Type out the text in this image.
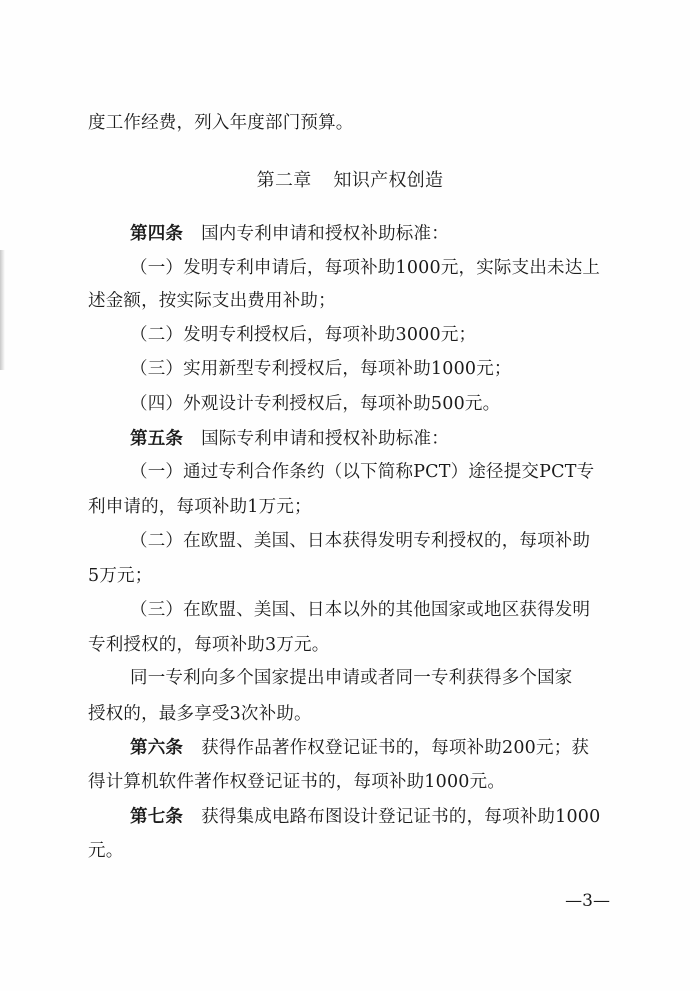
度工作经费，列入年度部门预算。
第二章 知识产权创造
第四条 国内专利申请和授权补助标准：
（一）发明专利申请后，每项补助1000元，实际支出未达上
述金额，按实际支出费用补助；
（二）发明专利授权后，每项补助3000元；
（三）实用新型专利授权后，每项补助1000元；
（四）外观设计专利授权后，每项补助500元。
第五条 国际专利申请和授权补助标准：
（一）通过专利合作条约（以下简称PCT）途径提交PCT专
利申请的，每项补助1万元；
（二）在欧盟、美国、日本获得发明专利授权的，每项补助
5万元；
（三）在欧盟、美国、日本以外的其他国家或地区获得发明
专利授权的，每项补助3万元。
同一专利向多个国家提出申请或者同一专利获得多个国家
授权的，最多享受3次补助。
第六条 获得作品著作权登记证书的，每项补助200元；获
得计算机软件著作权登记证书的，每项补助1000元。
第七条 获得集成电路布图设计登记证书的，每项补助1000
元。
—3—
